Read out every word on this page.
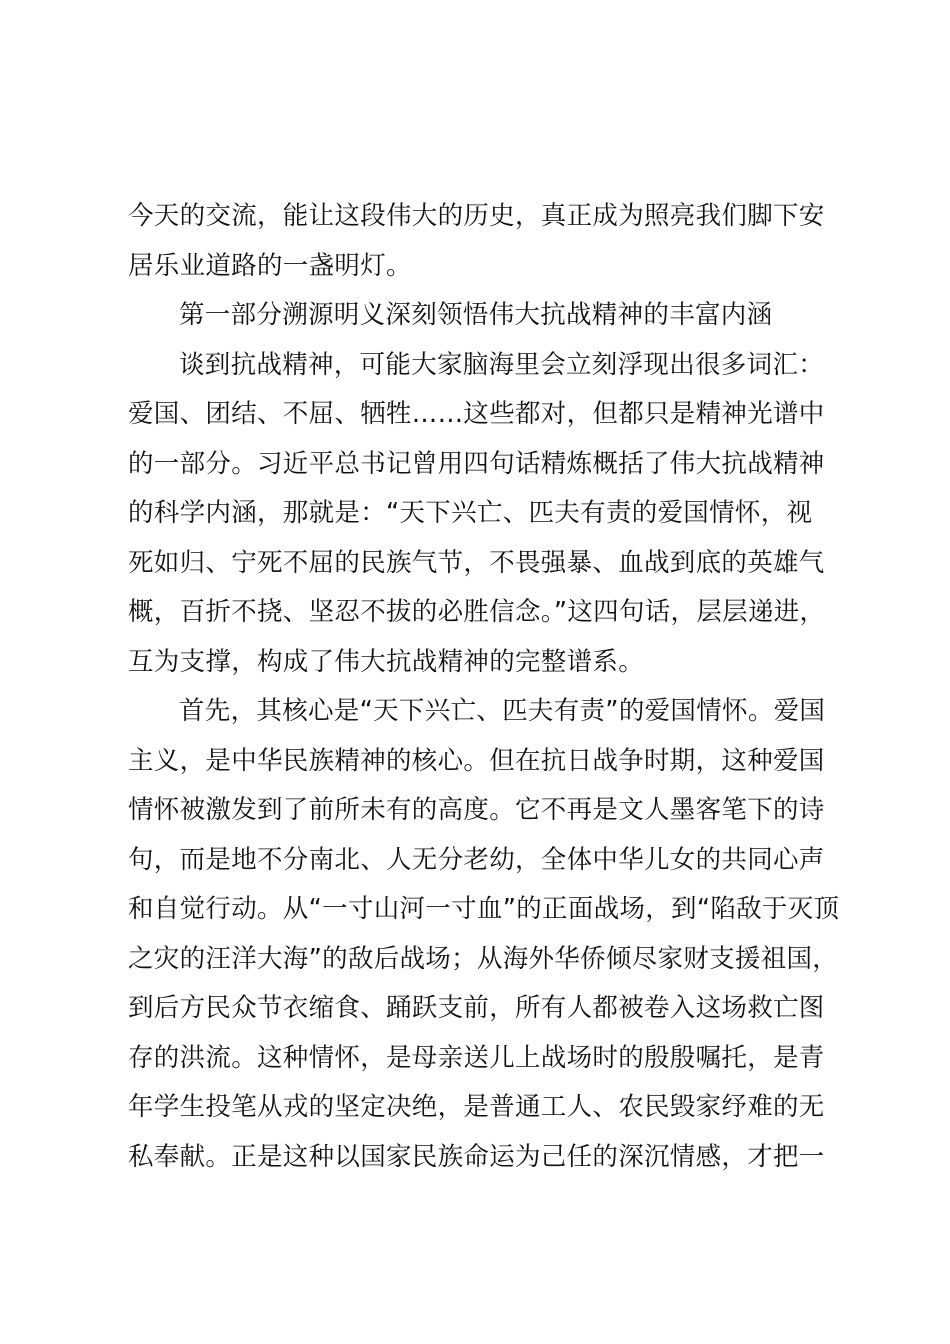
今天的交流，能让这段伟大的历史，真正成为照亮我们脚下安
居乐业道路的一盏明灯。
第一部分溯源明义深刻领悟伟大抗战精神的丰富内涵
谈到抗战精神，可能大家脑海里会立刻浮现出很多词汇：
爱国、团结、不屈、牺牲……这些都对，但都只是精神光谱中
的一部分。习近平总书记曾用四句话精炼概括了伟大抗战精神
的科学内涵，那就是：“天下兴亡、匹夫有责的爱国情怀，视
死如归、宁死不屈的民族气节，不畏强暴、血战到底的英雄气
概，百折不挠、坚忍不拔的必胜信念。”这四句话，层层递进，
互为支撑，构成了伟大抗战精神的完整谱系。
首先，其核心是“天下兴亡、匹夫有责”的爱国情怀。爱国
主义，是中华民族精神的核心。但在抗日战争时期，这种爱国
情怀被激发到了前所未有的高度。它不再是文人墨客笔下的诗
句，而是地不分南北、人无分老幼，全体中华儿女的共同心声
和自觉行动。从“一寸山河一寸血”的正面战场，到“陷敌于灭顶
之灾的汪洋大海”的敌后战场；从海外华侨倾尽家财支援祖国，
到后方民众节衣缩食、踊跃支前，所有人都被卷入这场救亡图
存的洪流。这种情怀，是母亲送儿上战场时的殷殷嘱托，是青
年学生投笔从戎的坚定决绝，是普通工人、农民毁家纾难的无
私奉献。正是这种以国家民族命运为己任的深沉情感，才把一
